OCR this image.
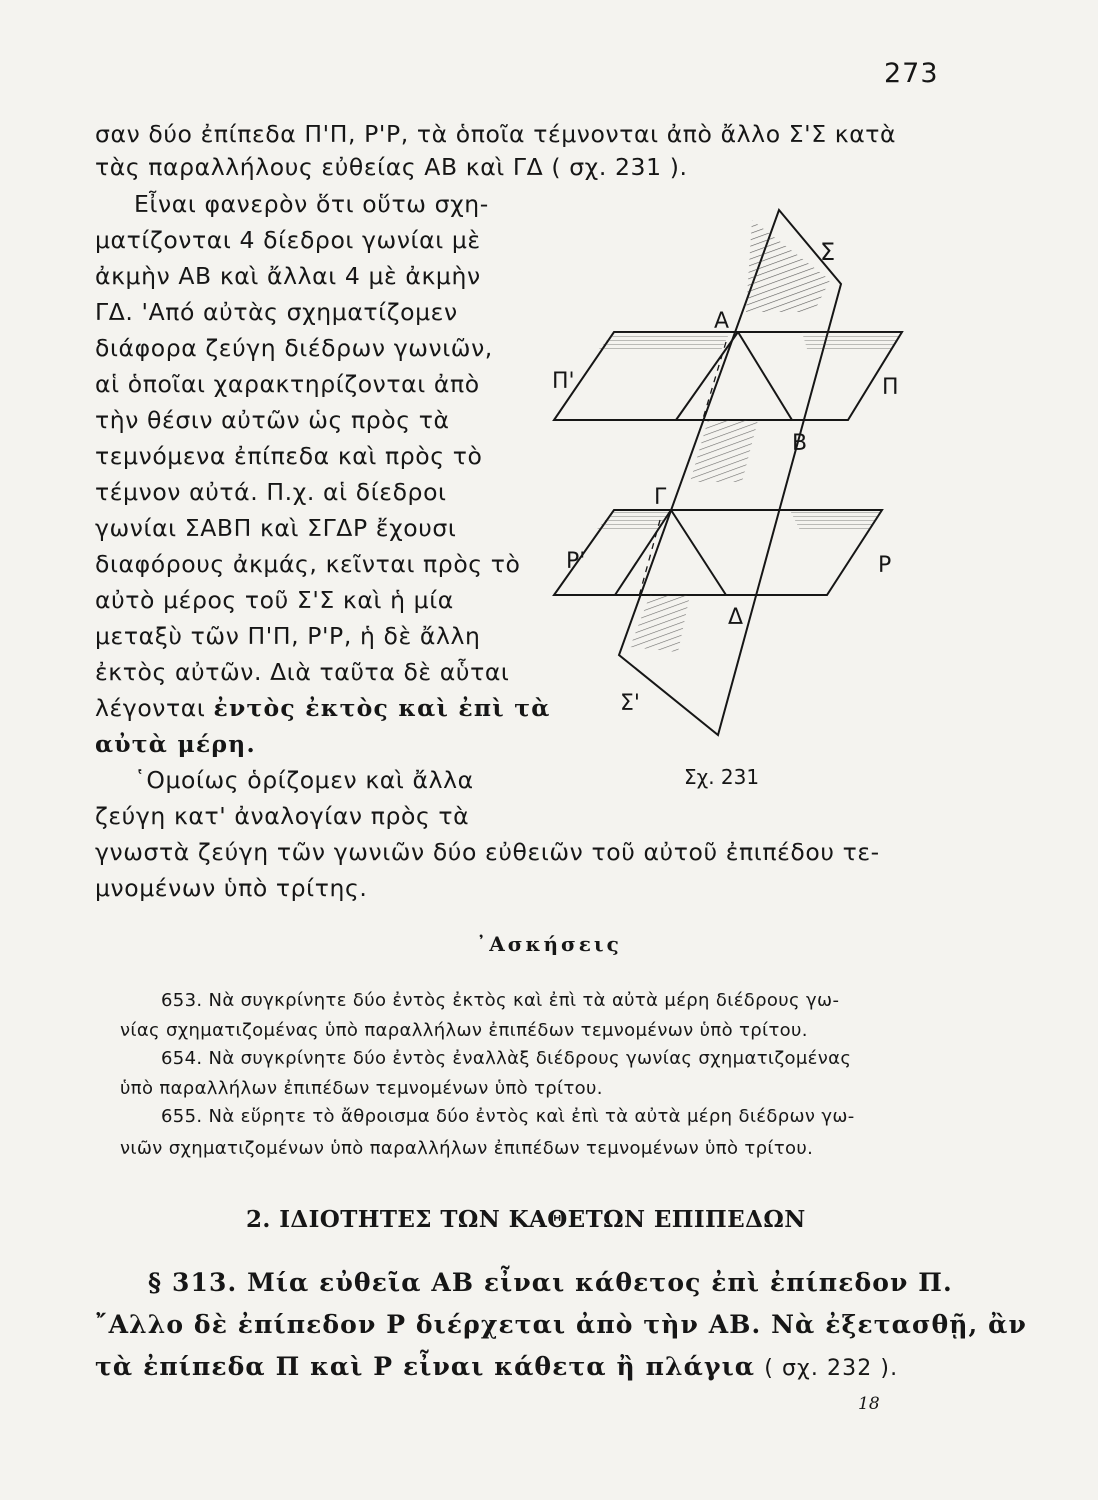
273
σαν δύο ἐπίπεδα Π'Π, Ρ'Ρ, τὰ ὁποῖα τέμνονται ἀπὸ ἄλλο Σ'Σ κατὰ
τὰς παραλλήλους εὐθείας ΑΒ καὶ ΓΔ ( σχ. 231 ).
Εἶναι φανερὸν ὅτι οὕτω σχη-
ματίζονται 4 δίεδροι γωνίαι μὲ
ἀκμὴν ΑΒ καὶ ἄλλαι 4 μὲ ἀκμὴν
ΓΔ. 'Από αὐτὰς σχηματίζομεν
διάφορα ζεύγη διέδρων γωνιῶν,
αἱ ὁποῖαι χαρακτηρίζονται ἀπὸ
τὴν θέσιν αὐτῶν ὡς πρὸς τὰ
τεμνόμενα ἐπίπεδα καὶ πρὸς τὸ
τέμνον αὐτά. Π.χ. αἱ δίεδροι
γωνίαι ΣΑΒΠ καὶ ΣΓΔΡ ἔχουσι
διαφόρους ἀκμάς, κεῖνται πρὸς τὸ
αὐτὸ μέρος τοῦ Σ'Σ καὶ ἡ μία
μεταξὺ τῶν Π'Π, Ρ'Ρ, ἡ δὲ ἄλλη
ἐκτὸς αὐτῶν. Διὰ ταῦτα δὲ αὗται
λέγονται ἐντὸς ἐκτὸς καὶ ἐπὶ τὰ
αὐτὰ μέρη.
῾Ομοίως ὁρίζομεν καὶ ἄλλα
ζεύγη κατ' ἀναλογίαν πρὸς τὰ
γνωστὰ ζεύγη τῶν γωνιῶν δύο εὐθειῶν τοῦ αὐτοῦ ἐπιπέδου τε-
μνομένων ὑπὸ τρίτης.
Σ
Α
Π'	Π
Β
Γ
Ρ'	Ρ
Δ
Σ'
Σχ. 231
᾿Ασκήσεις
653. Νὰ συγκρίνητε δύο ἐντὸς ἐκτὸς καὶ ἐπὶ τὰ αὐτὰ μέρη διέδρους γω-
νίας σχηματιζομένας ὑπὸ παραλλήλων ἐπιπέδων τεμνομένων ὑπὸ τρίτου.
654. Νὰ συγκρίνητε δύο ἐντὸς ἐναλλὰξ διέδρους γωνίας σχηματιζομένας
ὑπὸ παραλλήλων ἐπιπέδων τεμνομένων ὑπὸ τρίτου.
655. Νὰ εὕρητε τὸ ἄθροισμα δύο ἐντὸς καὶ ἐπὶ τὰ αὐτὰ μέρη διέδρων γω-
νιῶν σχηματιζομένων ὑπὸ παραλλήλων ἐπιπέδων τεμνομένων ὑπὸ τρίτου.
2. ΙΔΙΟΤΗΤΕΣ ΤΩΝ ΚΑΘΕΤΩΝ ΕΠΙΠΕΔΩΝ
§ 313. Μία εὐθεῖα ΑΒ εἶναι κάθετος ἐπὶ ἐπίπεδον Π.
῎Αλλο δὲ ἐπίπεδον Ρ διέρχεται ἀπὸ τὴν ΑΒ. Νὰ ἐξετασθῇ, ἂν
τὰ ἐπίπεδα Π καὶ Ρ εἶναι κάθετα ἢ πλάγια ( σχ. 232 ).
18
